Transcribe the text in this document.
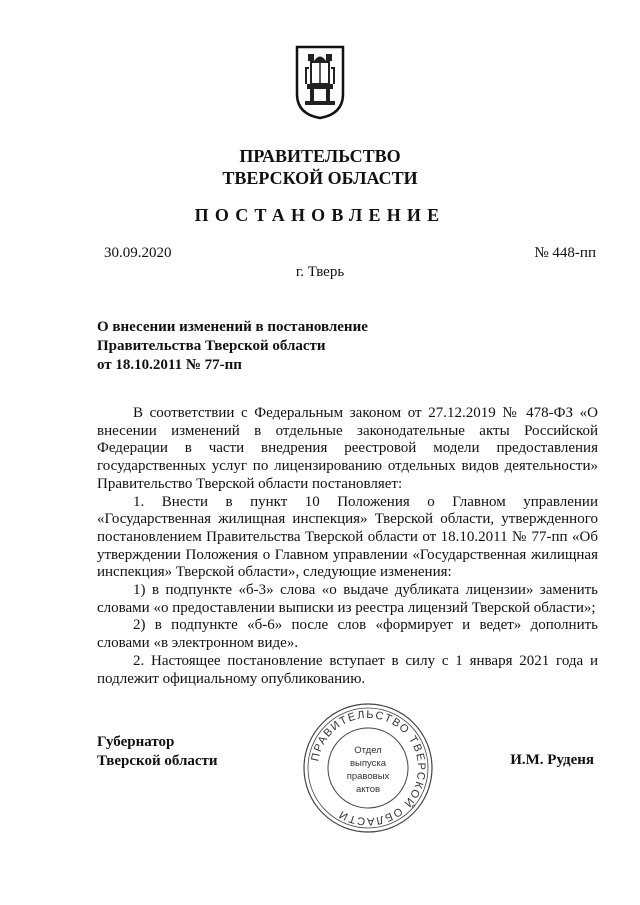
ПРАВИТЕЛЬСТВО
ТВЕРСКОЙ ОБЛАСТИ
ПОСТАНОВЛЕНИЕ
30.09.2020	№ 448-пп
г. Тверь
О внесении изменений в постановление
Правительства Тверской области
от 18.10.2011 № 77-пп

В соответствии с Федеральным законом от 27.12.2019 № 478-ФЗ «О внесении изменений в отдельные законодательные акты Российской Федерации в части внедрения реестровой модели предоставления государственных услуг по лицензированию отдельных видов деятельности» Правительство Тверской области постановляет:

1. Внести в пункт 10 Положения о Главном управлении «Государственная жилищная инспекция» Тверской области, утвержденного постановлением Правительства Тверской области от 18.10.2011 № 77-пп «Об утверждении Положения о Главном управлении «Государственная жилищная инспекция» Тверской области», следующие изменения:

1) в подпункте «б-3» слова «о выдаче дубликата лицензии» заменить словами «о предоставлении выписки из реестра лицензий Тверской области»;

2) в подпункте «б-6» после слов «формирует и ведет» дополнить словами «в электронном виде».

2. Настоящее постановление вступает в силу с 1 января 2021 года и подлежит официальному опубликованию.

Губернатор
Тверской области	ПРАВИТЕЛЬСТВО ТВЕРСКОЙ ОБЛАСТИ
Отдел
выпуска
правовых
актов
И.М. Руденя
